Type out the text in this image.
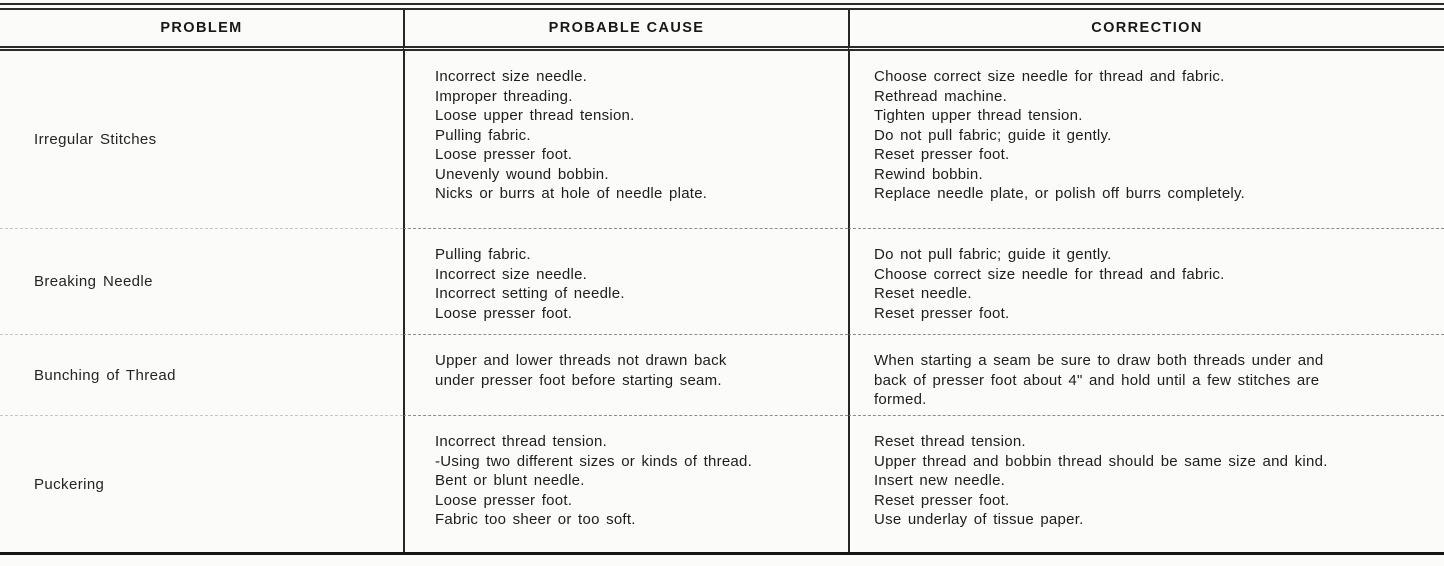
PROBLEM	PROBABLE CAUSE	CORRECTION
Irregular Stitches
Incorrect size needle.
Improper threading.
Loose upper thread tension.
Pulling fabric.
Loose presser foot.
Unevenly wound bobbin.
Nicks or burrs at hole of needle plate.
Choose correct size needle for thread and fabric.
Rethread machine.
Tighten upper thread tension.
Do not pull fabric; guide it gently.
Reset presser foot.
Rewind bobbin.
Replace needle plate, or polish off burrs completely.
Breaking Needle
Pulling fabric.
Incorrect size needle.
Incorrect setting of needle.
Loose presser foot.
Do not pull fabric; guide it gently.
Choose correct size needle for thread and fabric.
Reset needle.
Reset presser foot.
Bunching of Thread
Upper and lower threads not drawn back
under presser foot before starting seam.
When starting a seam be sure to draw both threads under and
back of presser foot about 4" and hold until a few stitches are
formed.
Puckering
Incorrect thread tension.
-Using two different sizes or kinds of thread.
Bent or blunt needle.
Loose presser foot.
Fabric too sheer or too soft.
Reset thread tension.
Upper thread and bobbin thread should be same size and kind.
Insert new needle.
Reset presser foot.
Use underlay of tissue paper.
